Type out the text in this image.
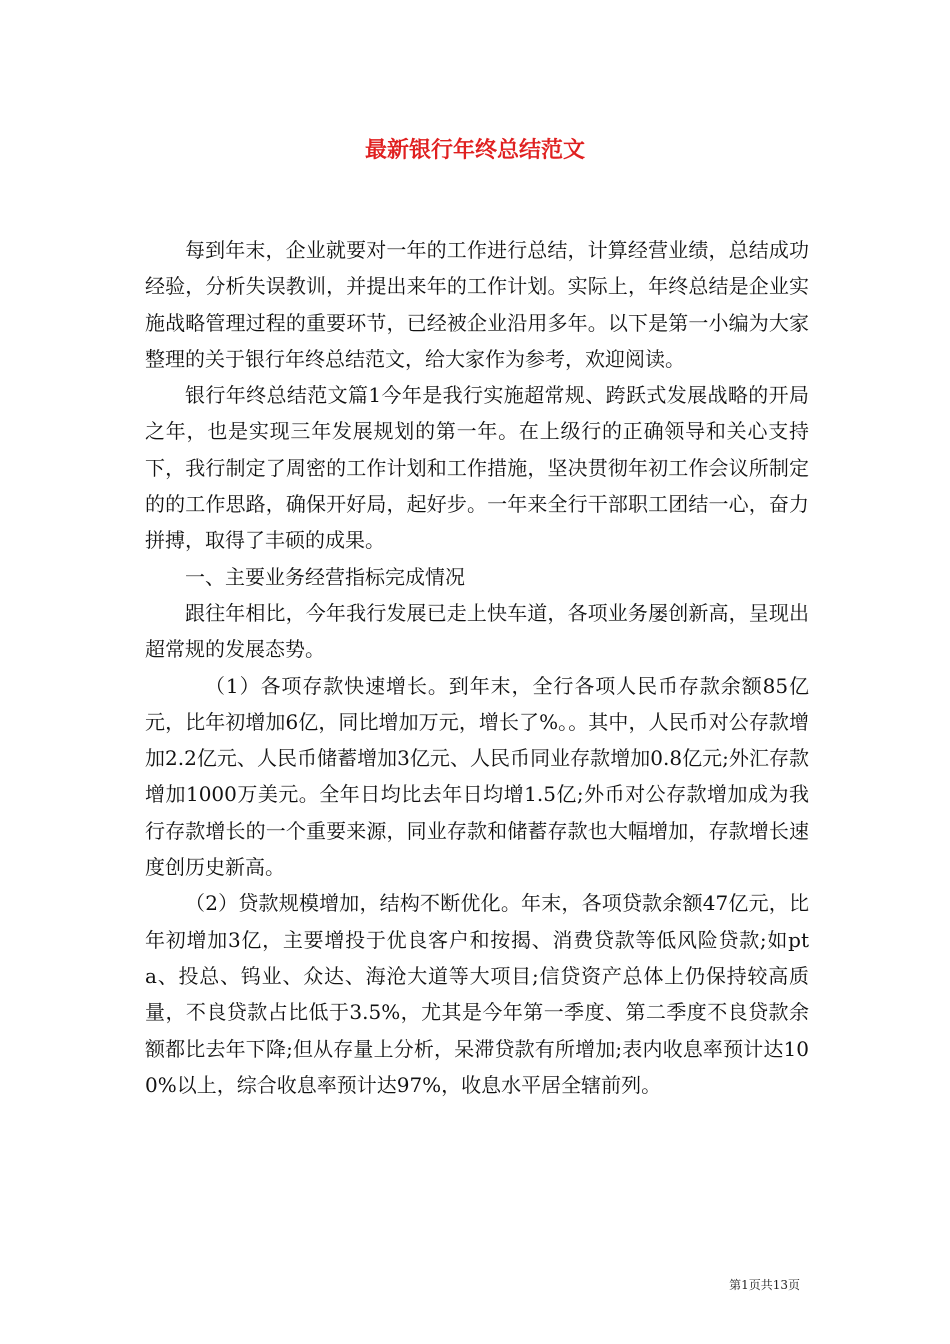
最新银行年终总结范文

每到年末，企业就要对一年的工作进行总结，计算经营业绩，总结成功经验，分析失误教训，并提出来年的工作计划。实际上，年终总结是企业实施战略管理过程的重要环节，已经被企业沿用多年。以下是第一小编为大家整理的关于银行年终总结范文，给大家作为参考，欢迎阅读。

银行年终总结范文篇1今年是我行实施超常规、跨跃式发展战略的开局之年，也是实现三年发展规划的第一年。在上级行的正确领导和关心支持下，我行制定了周密的工作计划和工作措施，坚决贯彻年初工作会议所制定的的工作思路，确保开好局，起好步。一年来全行干部职工团结一心，奋力拼搏，取得了丰硕的成果。

一、主要业务经营指标完成情况

跟往年相比，今年我行发展已走上快车道，各项业务屡创新高，呈现出超常规的发展态势。

（1）各项存款快速增长。到年末，全行各项人民币存款余额85亿元，比年初增加6亿，同比增加万元，增长了%。。其中，人民币对公存款增加2.2亿元、人民币储蓄增加3亿元、人民币同业存款增加0.8亿元;外汇存款增加1000万美元。全年日均比去年日均增1.5亿;外币对公存款增加成为我行存款增长的一个重要来源，同业存款和储蓄存款也大幅增加，存款增长速度创历史新高。

（2）贷款规模增加，结构不断优化。年末，各项贷款余额47亿元，比年初增加3亿，主要增投于优良客户和按揭、消费贷款等低风险贷款;如pta、投总、钨业、众达、海沧大道等大项目;信贷资产总体上仍保持较高质量，不良贷款占比低于3.5%，尤其是今年第一季度、第二季度不良贷款余额都比去年下降;但从存量上分析，呆滞贷款有所增加;表内收息率预计达100%以上，综合收息率预计达97%，收息水平居全辖前列。

第1页共13页
